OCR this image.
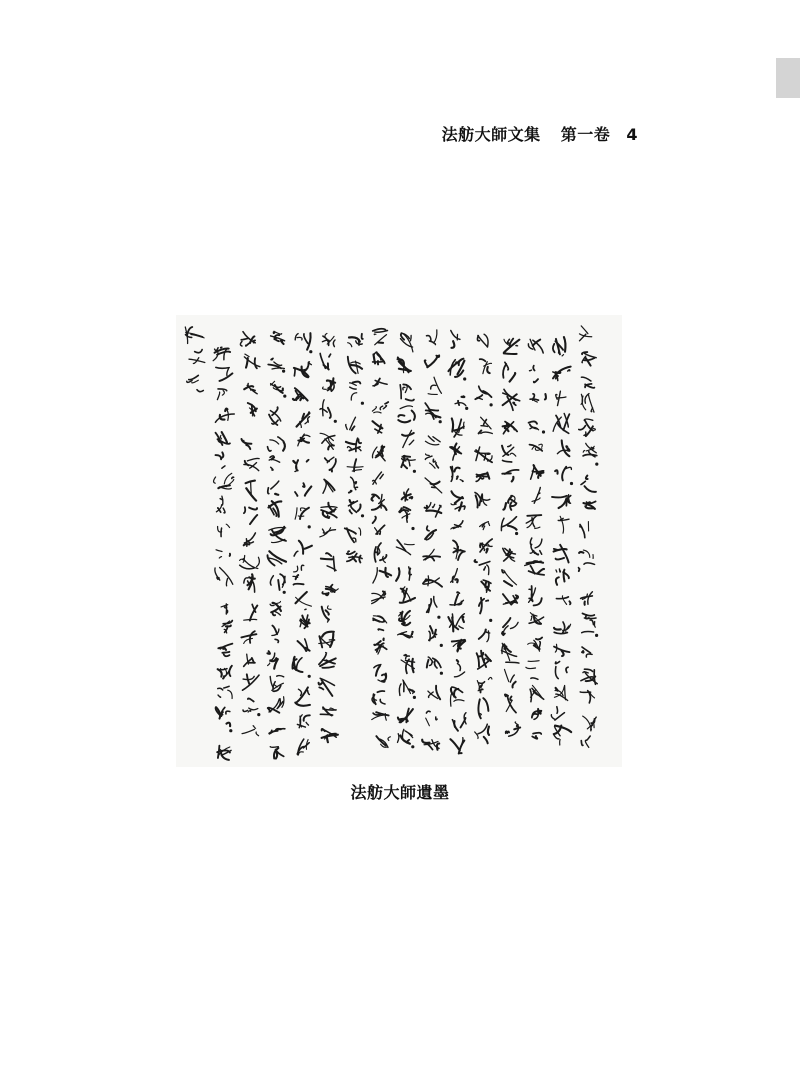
法舫大師文集 第一卷 4
法舫大師遺墨
